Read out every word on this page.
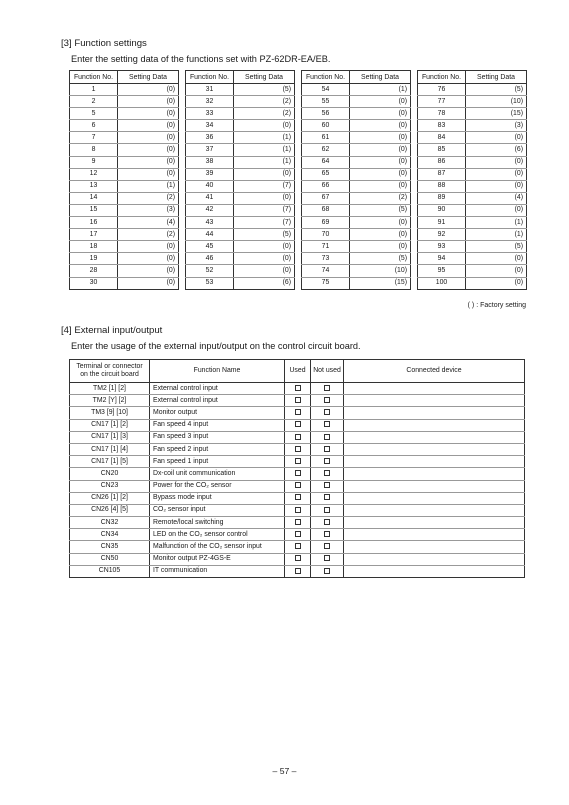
[3] Function settings
Enter the setting data of the functions set with PZ-62DR-EA/EB.
Function No.	Setting Data
1	(0)
2	(0)
5	(0)
6	(0)
7	(0)
8	(0)
9	(0)
12	(0)
13	(1)
14	(2)
15	(3)
16	(4)
17	(2)
18	(0)
19	(0)
28	(0)
30	(0)
Function No.	Setting Data
31	(5)
32	(2)
33	(2)
34	(0)
36	(1)
37	(1)
38	(1)
39	(0)
40	(7)
41	(0)
42	(7)
43	(7)
44	(5)
45	(0)
46	(0)
52	(0)
53	(6)
Function No.	Setting Data
54	(1)
55	(0)
56	(0)
60	(0)
61	(0)
62	(0)
64	(0)
65	(0)
66	(0)
67	(2)
68	(5)
69	(0)
70	(0)
71	(0)
73	(5)
74	(10)
75	(15)
Function No.	Setting Data
76	(5)
77	(10)
78	(15)
83	(3)
84	(0)
85	(6)
86	(0)
87	(0)
88	(0)
89	(4)
90	(0)
91	(1)
92	(1)
93	(5)
94	(0)
95	(0)
100	(0)
( ) : Factory setting
[4] External input/output
Enter the usage of the external input/output on the control circuit board.
Terminal or connector
on the circuit board	Function Name	Used	Not used	Connected device
TM2 [1] [2]	External control input			
TM2 [Y] [2]	External control input			
TM3 [9] [10]	Monitor output			
CN17 [1] [2]	Fan speed 4 input			
CN17 [1] [3]	Fan speed 3 input			
CN17 [1] [4]	Fan speed 2 input			
CN17 [1] [5]	Fan speed 1 input			
CN20	Dx-coil unit communication			
CN23	Power for the CO₂ sensor			
CN26 [1] [2]	Bypass mode input			
CN26 [4] [5]	CO₂ sensor input			
CN32	Remote/local switching			
CN34	LED on the CO₂ sensor control			
CN35	Malfunction of the CO₂ sensor input			
CN50	Monitor output PZ-4GS-E			
CN105	IT communication			
– 57 –
